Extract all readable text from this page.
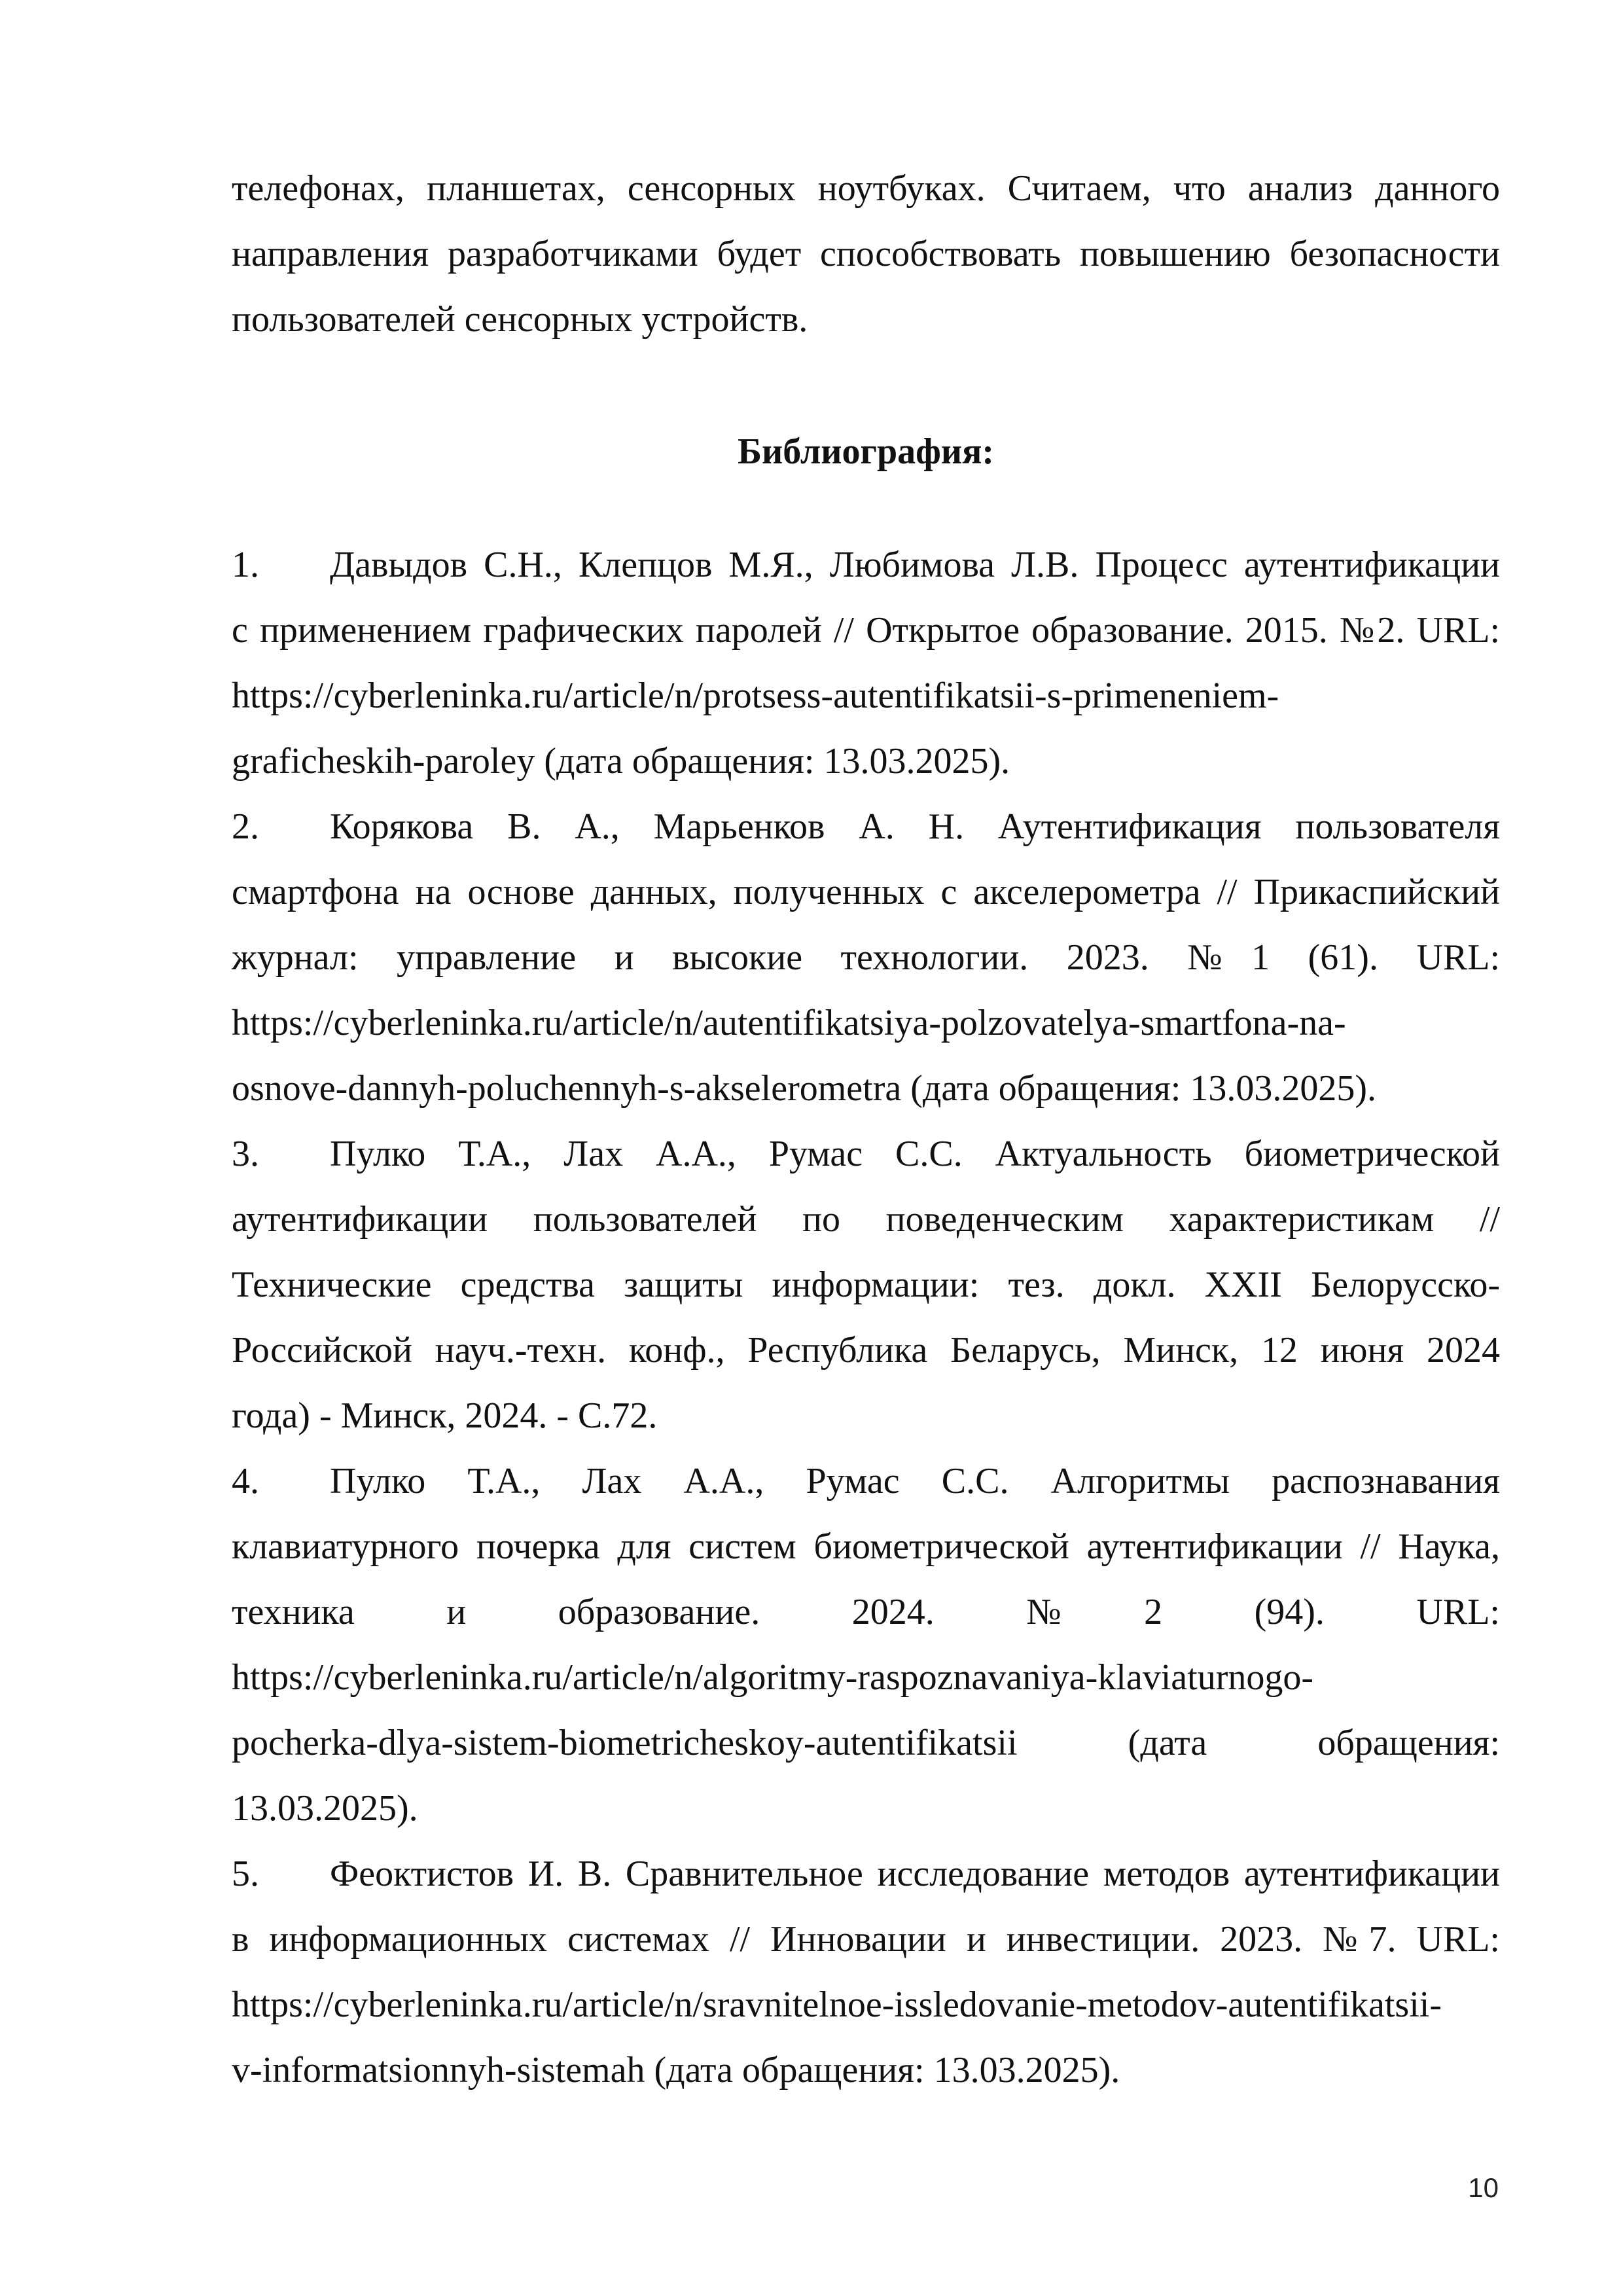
телефонах, планшетах, сенсорных ноутбуках. Считаем, что анализ данного
направления разработчиками будет способствовать повышению безопасности
пользователей сенсорных устройств.
Библиография:
1. Давыдов С.Н., Клепцов М.Я., Любимова Л.В. Процесс аутентификации
с применением графических паролей // Открытое образование. 2015. №2. URL:
https://cyberleninka.ru/article/n/protsess-autentifikatsii-s-primeneniem-
graficheskih-paroley (дата обращения: 13.03.2025).
2. Корякова В. А., Марьенков А. Н. Аутентификация пользователя
смартфона на основе данных, полученных с акселерометра // Прикаспийский
журнал: управление и высокие технологии. 2023. №1 (61). URL:
https://cyberleninka.ru/article/n/autentifikatsiya-polzovatelya-smartfona-na-
osnove-dannyh-poluchennyh-s-akselerometra (дата обращения: 13.03.2025).
3. Пулко Т.А., Лах А.А., Румас С.С. Актуальность биометрической
аутентификации пользователей по поведенческим характеристикам //
Технические средства защиты информации: тез. докл. XXII Белорусско-
Российской науч.-техн. конф., Республика Беларусь, Минск, 12 июня 2024
года) - Минск, 2024. - С.72.
4. Пулко Т.А., Лах А.А., Румас С.С. Алгоритмы распознавания
клавиатурного почерка для систем биометрической аутентификации // Наука,
техника и образование. 2024. №2 (94). URL:
https://cyberleninka.ru/article/n/algoritmy-raspoznavaniya-klaviaturnogo-
pocherka-dlya-sistem-biometricheskoy-autentifikatsii (дата обращения:
13.03.2025).
5. Феоктистов И. В. Сравнительное исследование методов аутентификации
в информационных системах // Инновации и инвестиции. 2023. №7. URL:
https://cyberleninka.ru/article/n/sravnitelnoe-issledovanie-metodov-autentifikatsii-
v-informatsionnyh-sistemah (дата обращения: 13.03.2025).
10
